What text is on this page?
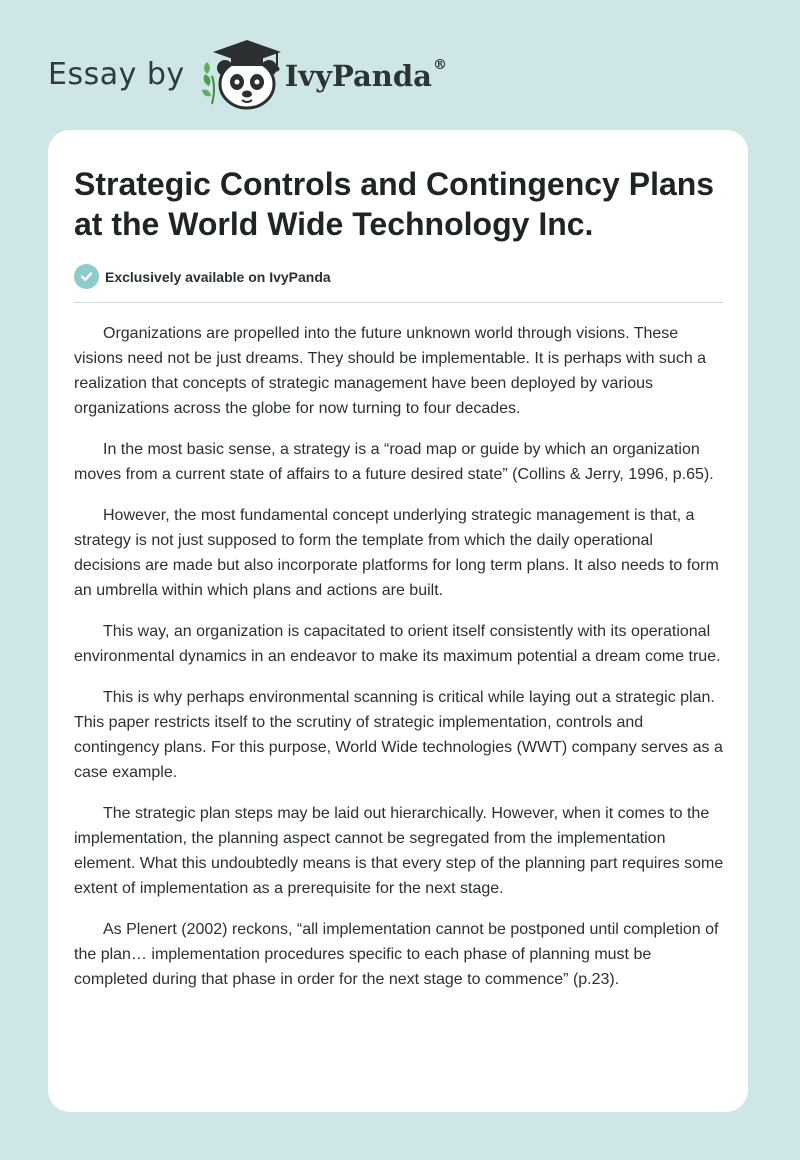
Essay by	IvyPanda®
Strategic Controls and Contingency Plans at the World Wide Technology Inc.
Exclusively available on IvyPanda

Organizations are propelled into the future unknown world through visions. These visions need not be just dreams. They should be implementable. It is perhaps with such a realization that concepts of strategic management have been deployed by various organizations across the globe for now turning to four decades.

In the most basic sense, a strategy is a “road map or guide by which an organization moves from a current state of affairs to a future desired state” (Collins & Jerry, 1996, p.65).

However, the most fundamental concept underlying strategic management is that, a strategy is not just supposed to form the template from which the daily operational decisions are made but also incorporate platforms for long term plans. It also needs to form an umbrella within which plans and actions are built.

This way, an organization is capacitated to orient itself consistently with its operational environmental dynamics in an endeavor to make its maximum potential a dream come true.

This is why perhaps environmental scanning is critical while laying out a strategic plan. This paper restricts itself to the scrutiny of strategic implementation, controls and contingency plans. For this purpose, World Wide technologies (WWT) company serves as a case example.

The strategic plan steps may be laid out hierarchically. However, when it comes to the implementation, the planning aspect cannot be segregated from the implementation element. What this undoubtedly means is that every step of the planning part requires some extent of implementation as a prerequisite for the next stage.

As Plenert (2002) reckons, “all implementation cannot be postponed until completion of the plan… implementation procedures specific to each phase of planning must be completed during that phase in order for the next stage to commence” (p.23).
